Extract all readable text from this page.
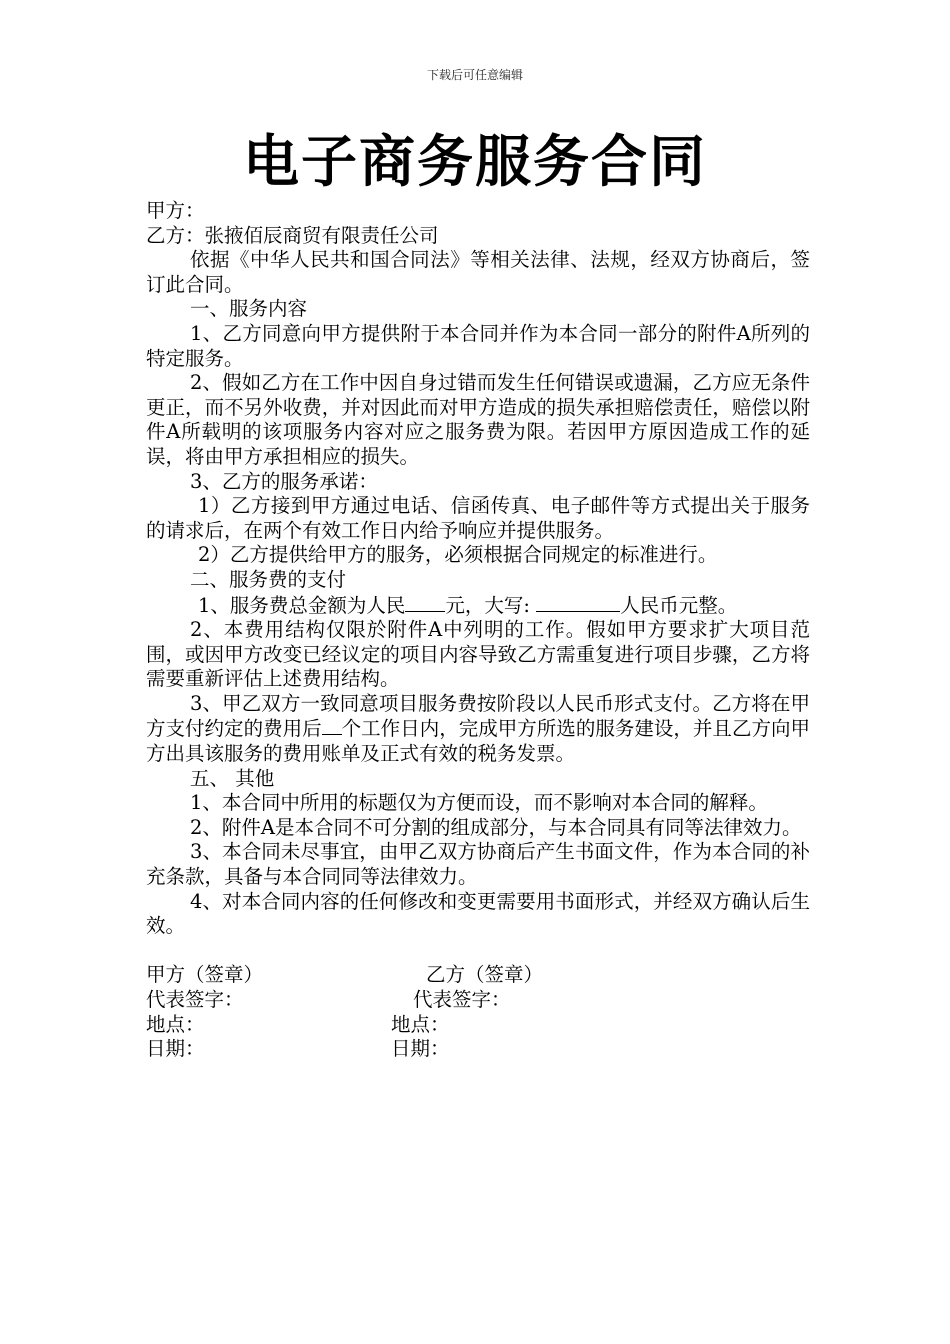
下载后可任意编辑
电子商务服务合同

甲方：

乙方：张掖佰辰商贸有限责任公司

依据《中华人民共和国合同法》等相关法律、法规，经双方协商后，签订此合同。

一、服务内容

1、乙方同意向甲方提供附于本合同并作为本合同一部分的附件A所列的特定服务。

2、假如乙方在工作中因自身过错而发生任何错误或遗漏，乙方应无条件更正，而不另外收费，并对因此而对甲方造成的损失承担赔偿责任，赔偿以附件A所载明的该项服务内容对应之服务费为限。若因甲方原因造成工作的延误，将由甲方承担相应的损失。

3、乙方的服务承诺：

1）乙方接到甲方通过电话、信函传真、电子邮件等方式提出关于服务的请求后，在两个有效工作日内给予响应并提供服务。

2）乙方提供给甲方的服务，必须根据合同规定的标准进行。

二、服务费的支付

1、服务费总金额为人民 元，大写:	人民币元整。

2、本费用结构仅限於附件A中列明的工作。假如甲方要求扩大项目范围，或因甲方改变已经议定的项目内容导致乙方需重复进行项目步骤，乙方将需要重新评估上述费用结构。

3、甲乙双方一致同意项目服务费按阶段以人民币形式支付。乙方将在甲方支付约定的费用后 个工作日内，完成甲方所选的服务建设，并且乙方向甲方出具该服务的费用账单及正式有效的税务发票。

五、 其他

1、本合同中所用的标题仅为方便而设，而不影响对本合同的解释。

2、附件A是本合同不可分割的组成部分，与本合同具有同等法律效力。

3、本合同未尽事宜，由甲乙双方协商后产生书面文件，作为本合同的补充条款，具备与本合同同等法律效力。

4、对本合同内容的任何修改和变更需要用书面形式，并经双方确认后生效。

甲方（签章）	乙方（签章）
代表签字：	代表签字：
地点：	地点：
日期：	日期：
